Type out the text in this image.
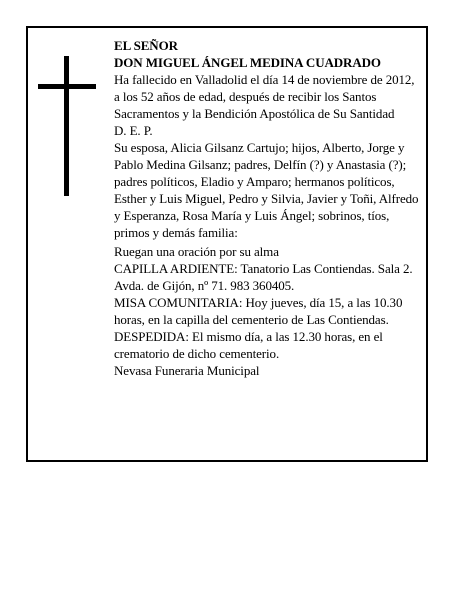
EL SEÑOR

DON MIGUEL ÁNGEL MEDINA CUADRADO

Ha fallecido en Valladolid el día 14 de noviembre de 2012, a los 52 años de edad, después de recibir los Santos Sacramentos y la Bendición Apostólica de Su Santidad

D. E. P.

Su esposa, Alicia Gilsanz Cartujo; hijos, Alberto, Jorge y Pablo Medina Gilsanz; padres, Delfín (?) y Anastasia (?); padres políticos, Eladio y Amparo; hermanos políticos, Esther y Luis Miguel, Pedro y Silvia, Javier y Toñi, Alfredo y Esperanza, Rosa María y Luis Ángel; sobrinos, tíos, primos y demás familia:

Ruegan una oración por su alma

CAPILLA ARDIENTE: Tanatorio Las Contiendas. Sala 2. Avda. de Gijón, nº 71. 983 360405.

MISA COMUNITARIA: Hoy jueves, día 15, a las 10.30 horas, en la capilla del cementerio de Las Contiendas.

DESPEDIDA: El mismo día, a las 12.30 horas, en el crematorio de dicho cementerio.

Nevasa Funeraria Municipal
